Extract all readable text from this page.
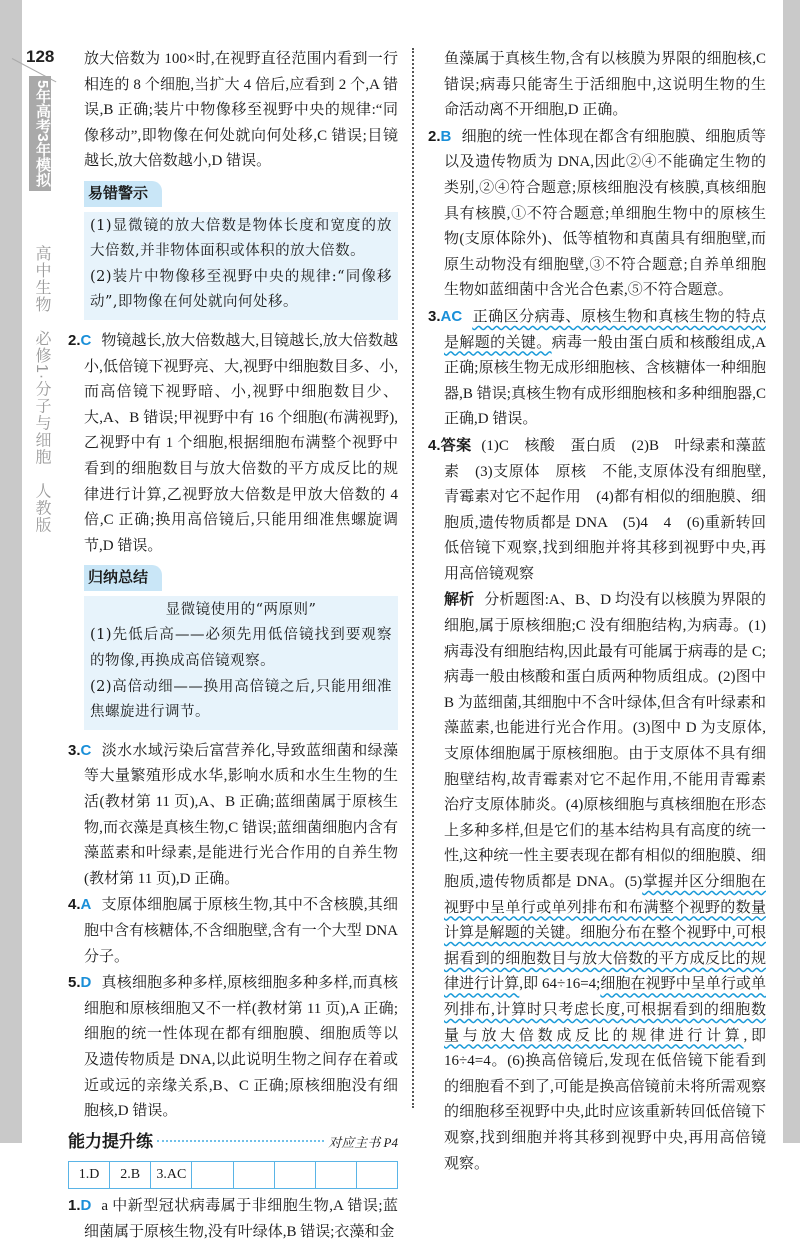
128
5年高考3年模拟
高中生物　必修1·分子与细胞　人教版

放大倍数为 100×时,在视野直径范围内看到一行相连的 8 个细胞,当扩大 4 倍后,应看到 2 个,A 错误,B 正确;装片中物像移至视野中央的规律:“同像移动”,即物像在何处就向何处移,C 错误;目镜越长,放大倍数越小,D 错误。

易错警示

(1)显微镜的放大倍数是物体长度和宽度的放大倍数,并非物体面积或体积的放大倍数。

(2)装片中物像移至视野中央的规律:“同像移动”,即物像在何处就向何处移。

2.C 物镜越长,放大倍数越大,目镜越长,放大倍数越小,低倍镜下视野亮、大,视野中细胞数目多、小,而高倍镜下视野暗、小,视野中细胞数目少、大,A、B 错误;甲视野中有 16 个细胞(布满视野),乙视野中有 1 个细胞,根据细胞布满整个视野中看到的细胞数目与放大倍数的平方成反比的规律进行计算,乙视野放大倍数是甲放大倍数的 4 倍,C 正确;换用高倍镜后,只能用细准焦螺旋调节,D 错误。

归纳总结

显微镜使用的“两原则”

(1)先低后高——必须先用低倍镜找到要观察的物像,再换成高倍镜观察。

(2)高倍动细——换用高倍镜之后,只能用细准焦螺旋进行调节。

3.C 淡水水域污染后富营养化,导致蓝细菌和绿藻等大量繁殖形成水华,影响水质和水生生物的生活(教材第 11 页),A、B 正确;蓝细菌属于原核生物,而衣藻是真核生物,C 错误;蓝细菌细胞内含有藻蓝素和叶绿素,是能进行光合作用的自养生物(教材第 11 页),D 正确。

4.A 支原体细胞属于原核生物,其中不含核膜,其细胞中含有核糖体,不含细胞壁,含有一个大型 DNA 分子。

5.D 真核细胞多种多样,原核细胞多种多样,而真核细胞和原核细胞又不一样(教材第 11 页),A 正确;细胞的统一性体现在都有细胞膜、细胞质等以及遗传物质是 DNA,以此说明生物之间存在着或近或远的亲缘关系,B、C 正确;原核细胞没有细胞核,D 错误。

能力提升练	对应主书 P4
1.D	2.B	3.AC					

1.D a 中新型冠状病毒属于非细胞生物,A 错误;蓝细菌属于原核生物,没有叶绿体,B 错误;衣藻和金

鱼藻属于真核生物,含有以核膜为界限的细胞核,C 错误;病毒只能寄生于活细胞中,这说明生物的生命活动离不开细胞,D 正确。

2.B 细胞的统一性体现在都含有细胞膜、细胞质等以及遗传物质为 DNA,因此②④不能确定生物的类别,②④符合题意;原核细胞没有核膜,真核细胞具有核膜,①不符合题意;单细胞生物中的原核生物(支原体除外)、低等植物和真菌具有细胞壁,而原生动物没有细胞壁,③不符合题意;自养单细胞生物如蓝细菌中含光合色素,⑤不符合题意。

3.AC 正确区分病毒、原核生物和真核生物的特点是解题的关键。病毒一般由蛋白质和核酸组成,A 正确;原核生物无成形细胞核、含核糖体一种细胞器,B 错误;真核生物有成形细胞核和多种细胞器,C 正确,D 错误。

4.答案 (1)C　核酸　蛋白质　(2)B　叶绿素和藻蓝素　(3)支原体　原核　不能,支原体没有细胞壁,青霉素对它不起作用　(4)都有相似的细胞膜、细胞质,遗传物质都是 DNA　(5)4　4　(6)重新转回低倍镜下观察,找到细胞并将其移到视野中央,再用高倍镜观察

解析 分析题图:A、B、D 均没有以核膜为界限的细胞,属于原核细胞;C 没有细胞结构,为病毒。(1)病毒没有细胞结构,因此最有可能属于病毒的是 C;病毒一般由核酸和蛋白质两种物质组成。(2)图中 B 为蓝细菌,其细胞中不含叶绿体,但含有叶绿素和藻蓝素,也能进行光合作用。(3)图中 D 为支原体,支原体细胞属于原核细胞。由于支原体不具有细胞壁结构,故青霉素对它不起作用,不能用青霉素治疗支原体肺炎。(4)原核细胞与真核细胞在形态上多种多样,但是它们的基本结构具有高度的统一性,这种统一性主要表现在都有相似的细胞膜、细胞质,遗传物质都是 DNA。(5)掌握并区分细胞在视野中呈单行或单列排布和布满整个视野的数量计算是解题的关键。细胞分布在整个视野中,可根据看到的细胞数目与放大倍数的平方成反比的规律进行计算,即 64÷16=4;细胞在视野中呈单行或单列排布,计算时只考虑长度,可根据看到的细胞数量与放大倍数成反比的规律进行计算,即 16÷4=4。(6)换高倍镜后,发现在低倍镜下能看到的细胞看不到了,可能是换高倍镜前未将所需观察的细胞移至视野中央,此时应该重新转回低倍镜下观察,找到细胞并将其移到视野中央,再用高倍镜观察。
